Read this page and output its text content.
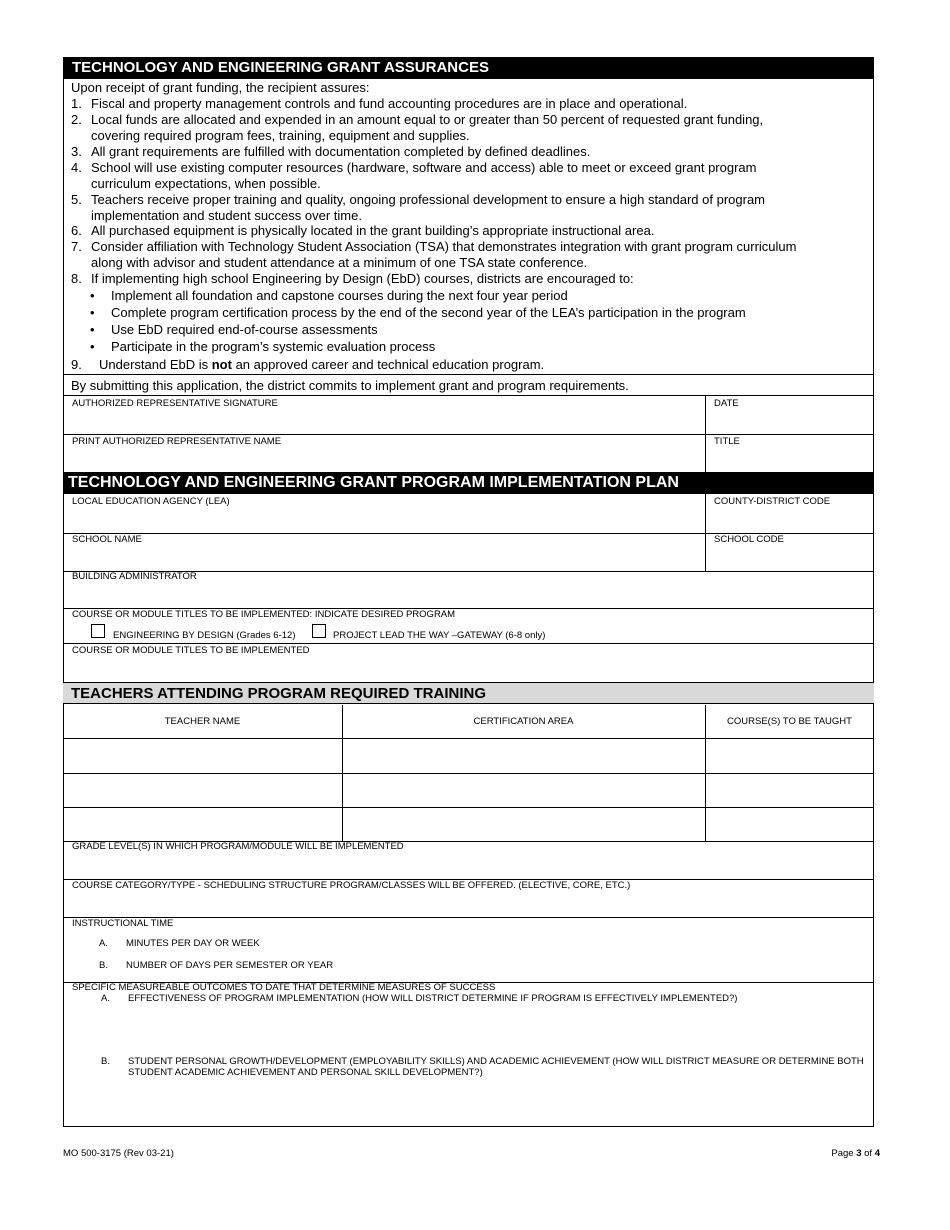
TECHNOLOGY AND ENGINEERING GRANT ASSURANCES
Upon receipt of grant funding, the recipient assures:
1. Fiscal and property management controls and fund accounting procedures are in place and operational.
2. Local funds are allocated and expended in an amount equal to or greater than 50 percent of requested grant funding,
covering required program fees, training, equipment and supplies.
3. All grant requirements are fulfilled with documentation completed by defined deadlines.
4. School will use existing computer resources (hardware, software and access) able to meet or exceed grant program
curriculum expectations, when possible.
5. Teachers receive proper training and quality, ongoing professional development to ensure a high standard of program
implementation and student success over time.
6. All purchased equipment is physically located in the grant building’s appropriate instructional area.
7. Consider affiliation with Technology Student Association (TSA) that demonstrates integration with grant program curriculum
along with advisor and student attendance at a minimum of one TSA state conference.
8. If implementing high school Engineering by Design (EbD) courses, districts are encouraged to:
• Implement all foundation and capstone courses during the next four year period
• Complete program certification process by the end of the second year of the LEA’s participation in the program
• Use EbD required end-of-course assessments
• Participate in the program’s systemic evaluation process
9. Understand EbD is not an approved career and technical education program.
By submitting this application, the district commits to implement grant and program requirements.
AUTHORIZED REPRESENTATIVE SIGNATURE	DATE
PRINT AUTHORIZED REPRESENTATIVE NAME	TITLE
TECHNOLOGY AND ENGINEERING GRANT PROGRAM IMPLEMENTATION PLAN
LOCAL EDUCATION AGENCY (LEA)	COUNTY-DISTRICT CODE
SCHOOL NAME	SCHOOL CODE
BUILDING ADMINISTRATOR
COURSE OR MODULE TITLES TO BE IMPLEMENTED: INDICATE DESIRED PROGRAM
ENGINEERING BY DESIGN (Grades 6-12)	PROJECT LEAD THE WAY –GATEWAY (6-8 only)
COURSE OR MODULE TITLES TO BE IMPLEMENTED
TEACHERS ATTENDING PROGRAM REQUIRED TRAINING
TEACHER NAME	CERTIFICATION AREA	COURSE(S) TO BE TAUGHT
GRADE LEVEL(S) IN WHICH PROGRAM/MODULE WILL BE IMPLEMENTED
COURSE CATEGORY/TYPE - SCHEDULING STRUCTURE PROGRAM/CLASSES WILL BE OFFERED. (ELECTIVE, CORE, ETC.)
INSTRUCTIONAL TIME
A. MINUTES PER DAY OR WEEK
B. NUMBER OF DAYS PER SEMESTER OR YEAR
SPECIFIC MEASUREABLE OUTCOMES TO DATE THAT DETERMINE MEASURES OF SUCCESS
A. EFFECTIVENESS OF PROGRAM IMPLEMENTATION (HOW WILL DISTRICT DETERMINE IF PROGRAM IS EFFECTIVELY IMPLEMENTED?)
B. STUDENT PERSONAL GROWTH/DEVELOPMENT (EMPLOYABILITY SKILLS) AND ACADEMIC ACHIEVEMENT (HOW WILL DISTRICT MEASURE OR DETERMINE BOTH
STUDENT ACADEMIC ACHIEVEMENT AND PERSONAL SKILL DEVELOPMENT?)
MO 500-3175 (Rev 03-21)	Page 3 of 4
